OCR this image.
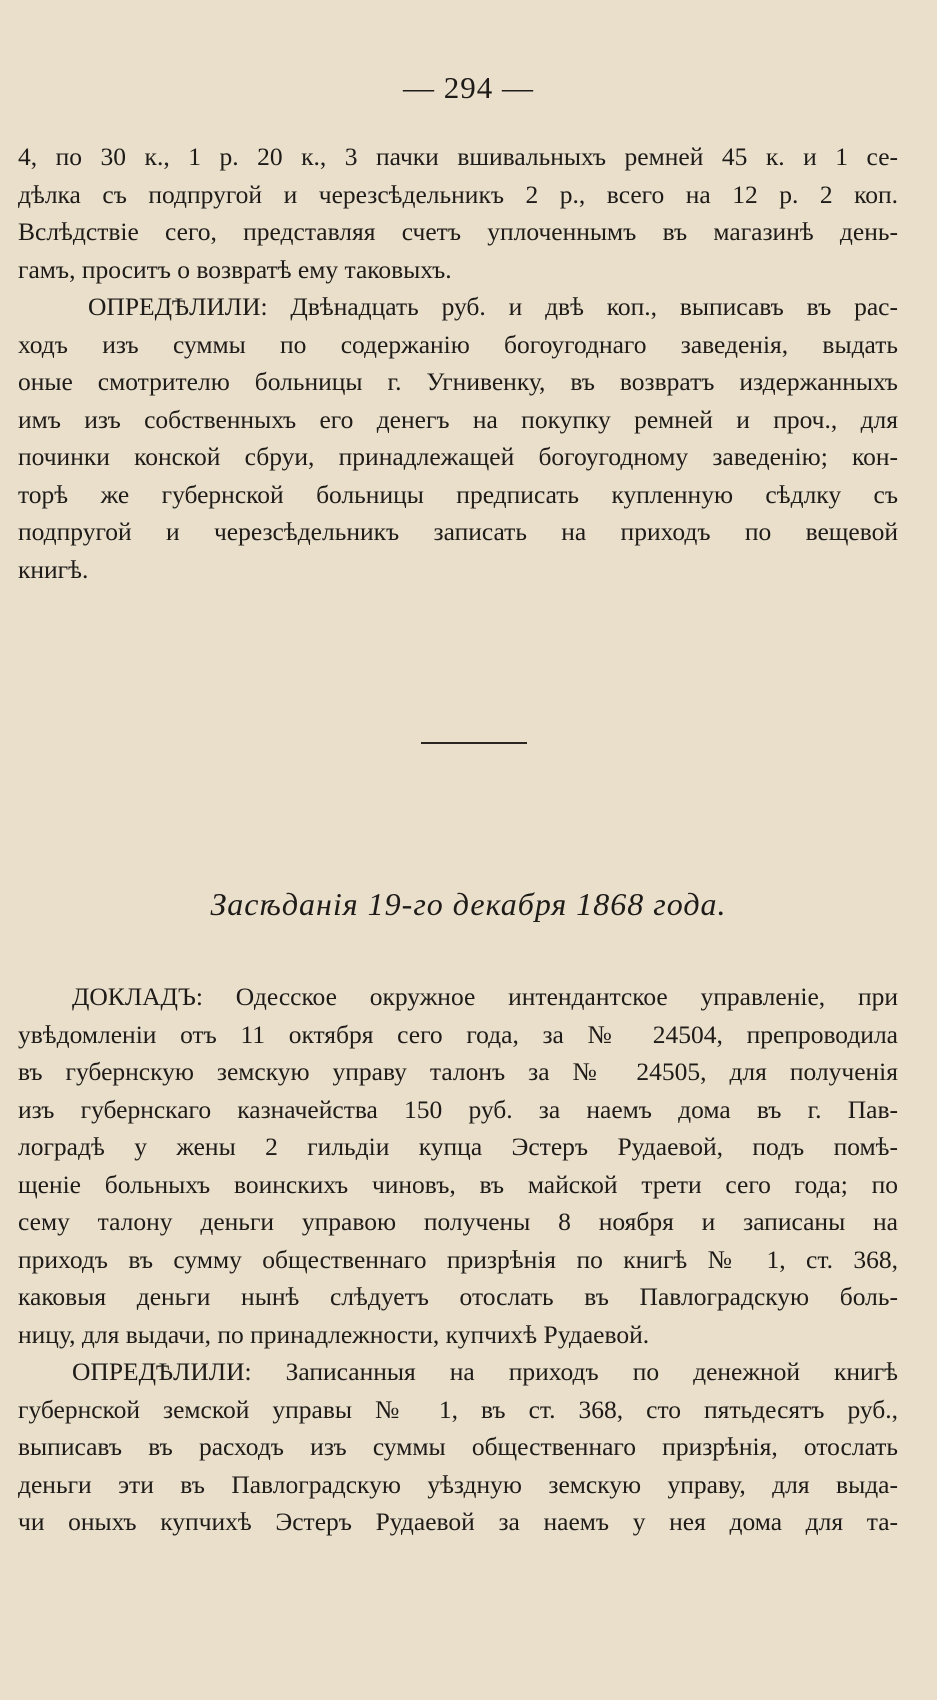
— 294 —
4, по 30 к., 1 р. 20 к., 3 пачки вшивальныхъ ремней 45 к. и 1 се-
дѣлка съ подпругой и черезсѣдельникъ 2 р., всего на 12 р. 2 коп.
Вслѣдствіе сего, представляя счетъ уплоченнымъ въ магазинѣ день-
гамъ, проситъ о возвратѣ ему таковыхъ.
ОПРЕДѢЛИЛИ: Двѣнадцать руб. и двѣ коп., выписавъ въ рас-
ходъ изъ суммы по содержанію богоугоднаго заведенія, выдать
оные смотрителю больницы г. Угнивенку, въ возвратъ издержанныхъ
имъ изъ собственныхъ его денегъ на покупку ремней и проч., для
починки конской сбруи, принадлежащей богоугодному заведенію; кон-
торѣ же губернской больницы предписать купленную сѣдлку съ
подпругой и черезсѣдельникъ записать на приходъ по вещевой
книгѣ.
Засѣданія 19-го декабря 1868 года.
ДОКЛАДЪ: Одесское окружное интендантское управленіе, при
увѣдомленіи отъ 11 октября сего года, за № 24504, препроводила
въ губернскую земскую управу талонъ за № 24505, для полученія
изъ губернскаго казначейства 150 руб. за наемъ дома въ г. Пав-
лоградѣ у жены 2 гильдіи купца Эстеръ Рудаевой, подъ помѣ-
щеніе больныхъ воинскихъ чиновъ, въ майской трети сего года; по
сему талону деньги управою получены 8 ноября и записаны на
приходъ въ сумму общественнаго призрѣнія по книгѣ № 1, ст. 368,
каковыя деньги нынѣ слѣдуетъ отослать въ Павлоградскую боль-
ницу, для выдачи, по принадлежности, купчихѣ Рудаевой.
ОПРЕДѢЛИЛИ: Записанныя на приходъ по денежной книгѣ
губернской земской управы № 1, въ ст. 368, сто пятьдесятъ руб.,
выписавъ въ расходъ изъ суммы общественнаго призрѣнія, отослать
деньги эти въ Павлоградскую уѣздную земскую управу, для выда-
чи оныхъ купчихѣ Эстеръ Рудаевой за наемъ у нея дома для та-
